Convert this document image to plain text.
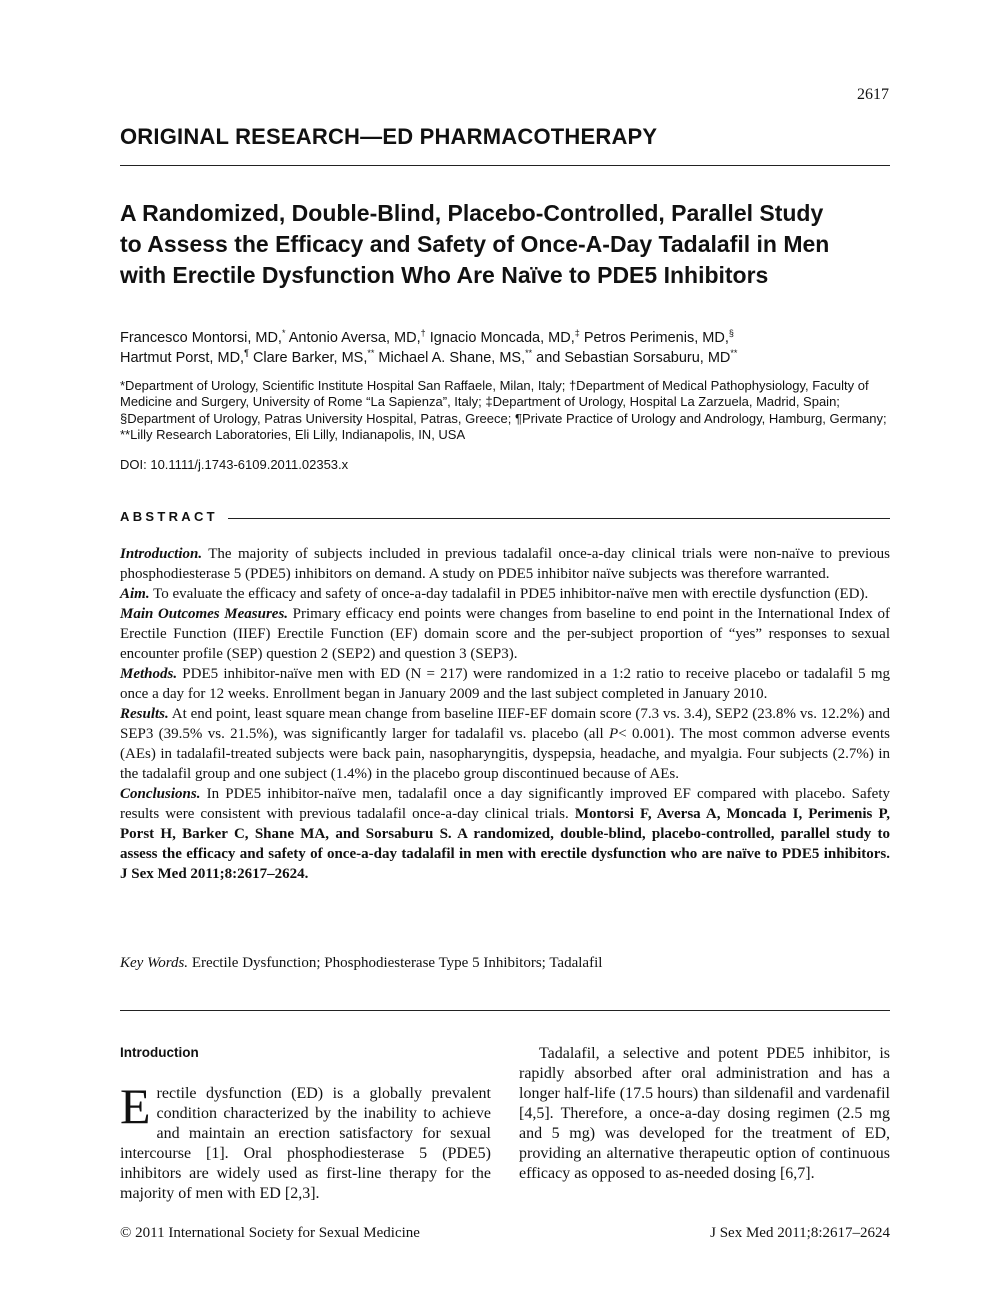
2617
ORIGINAL RESEARCH—ED PHARMACOTHERAPY
A Randomized, Double-Blind, Placebo-Controlled, Parallel Study
to Assess the Efficacy and Safety of Once-A-Day Tadalafil in Men
with Erectile Dysfunction Who Are Naïve to PDE5 Inhibitors
Francesco Montorsi, MD,* Antonio Aversa, MD,† Ignacio Moncada, MD,‡ Petros Perimenis, MD,§
Hartmut Porst, MD,¶ Clare Barker, MS,** Michael A. Shane, MS,** and Sebastian Sorsaburu, MD**
*Department of Urology, Scientific Institute Hospital San Raffaele, Milan, Italy; †Department of Medical Pathophysiology, Faculty of Medicine and Surgery, University of Rome “La Sapienza”, Italy; ‡Department of Urology, Hospital La Zarzuela, Madrid, Spain; §Department of Urology, Patras University Hospital, Patras, Greece; ¶Private Practice of Urology and Andrology, Hamburg, Germany; **Lilly Research Laboratories, Eli Lilly, Indianapolis, IN, USA
DOI: 10.1111/j.1743-6109.2011.02353.x
ABSTRACT

Introduction. The majority of subjects included in previous tadalafil once-a-day clinical trials were non-naïve to previous phosphodiesterase 5 (PDE5) inhibitors on demand. A study on PDE5 inhibitor naïve subjects was therefore warranted.

Aim. To evaluate the efficacy and safety of once-a-day tadalafil in PDE5 inhibitor-naïve men with erectile dysfunction (ED).

Main Outcomes Measures. Primary efficacy end points were changes from baseline to end point in the International Index of Erectile Function (IIEF) Erectile Function (EF) domain score and the per-subject proportion of “yes” responses to sexual encounter profile (SEP) question 2 (SEP2) and question 3 (SEP3).

Methods. PDE5 inhibitor-naïve men with ED (N = 217) were randomized in a 1:2 ratio to receive placebo or tadalafil 5 mg once a day for 12 weeks. Enrollment began in January 2009 and the last subject completed in January 2010.

Results. At end point, least square mean change from baseline IIEF-EF domain score (7.3 vs. 3.4), SEP2 (23.8% vs. 12.2%) and SEP3 (39.5% vs. 21.5%), was significantly larger for tadalafil vs. placebo (all P< 0.001). The most common adverse events (AEs) in tadalafil-treated subjects were back pain, nasopharyngitis, dyspepsia, headache, and myalgia. Four subjects (2.7%) in the tadalafil group and one subject (1.4%) in the placebo group discontinued because of AEs.

Conclusions. In PDE5 inhibitor-naïve men, tadalafil once a day significantly improved EF compared with placebo. Safety results were consistent with previous tadalafil once-a-day clinical trials. Montorsi F, Aversa A, Moncada I, Perimenis P, Porst H, Barker C, Shane MA, and Sorsaburu S. A randomized, double-blind, placebo-controlled, parallel study to assess the efficacy and safety of once-a-day tadalafil in men with erectile dysfunction who are naïve to PDE5 inhibitors. J Sex Med 2011;8:2617–2624.

Key Words. Erectile Dysfunction; Phosphodiesterase Type 5 Inhibitors; Tadalafil
Introduction

Erectile dysfunction (ED) is a globally prevalent condition characterized by the inability to achieve and maintain an erection satisfactory for sexual intercourse [1]. Oral phosphodiesterase 5 (PDE5) inhibitors are widely used as first-line therapy for the majority of men with ED [2,3].

Tadalafil, a selective and potent PDE5 inhibitor, is rapidly absorbed after oral administration and has a longer half-life (17.5 hours) than sildenafil and vardenafil [4,5]. Therefore, a once-a-day dosing regimen (2.5 mg and 5 mg) was developed for the treatment of ED, providing an alternative therapeutic option of continuous efficacy as opposed to as-needed dosing [6,7].

© 2011 International Society for Sexual Medicine	J Sex Med 2011;8:2617–2624
